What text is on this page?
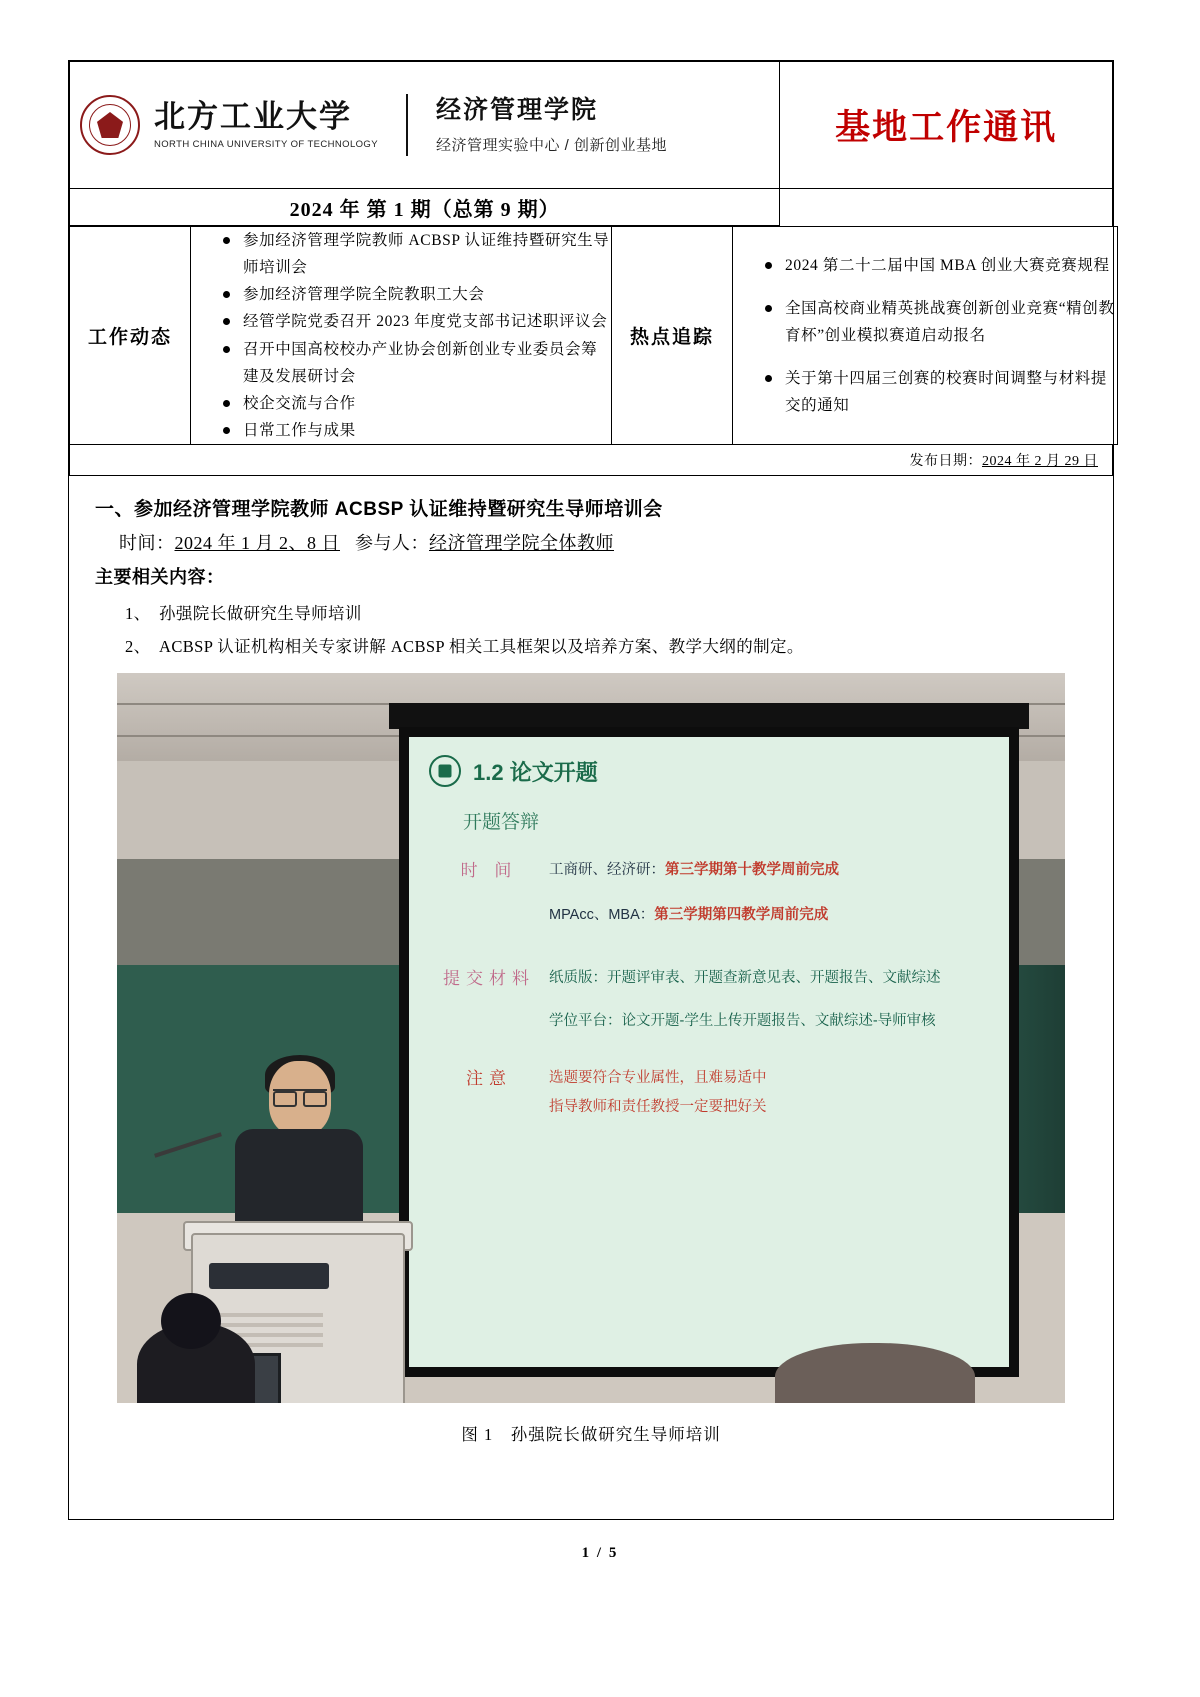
北方工业大学
NORTH CHINA UNIVERSITY OF TECHNOLOGY
经济管理学院
经济管理实验中心 / 创新创业基地	基地工作通讯

2024 年 第 1 期（总第 9 期）	
工作动态	
参加经济管理学院教师 ACBSP 认证维持暨研究生导师培训会
参加经济管理学院全院教职工大会
经管学院党委召开 2023 年度党支部书记述职评议会
召开中国高校校办产业协会创新创业专业委员会筹建及发展研讨会
校企交流与合作
日常工作与成果
	热点追踪	
2024 第二十二届中国 MBA 创业大赛竞赛规程
全国高校商业精英挑战赛创新创业竞赛“精创教育杯”创业模拟赛道启动报名
关于第十四届三创赛的校赛时间调整与材料提交的通知
发布日期：2024 年 2 月 29 日
一、参加经济管理学院教师 ACBSP 认证维持暨研究生导师培训会
时间：2024 年 1 月 2、8 日 参与人：经济管理学院全体教师
主要相关内容：
1、 孙强院长做研究生导师培训
2、 ACBSP 认证机构相关专家讲解 ACBSP 相关工具框架以及培养方案、教学大纲的制定。
1.2 论文开题
开题答辩
时 间	工商研、经济研：第三学期第十教学周前完成
MPAcc、MBA：第三学期第四教学周前完成
提交材料 纸质版：开题评审表、开题查新意见表、开题报告、文献综述
学位平台：论文开题-学生上传开题报告、文献综述-导师审核
注意	选题要符合专业属性，且难易适中
指导教师和责任教授一定要把好关
图 1　孙强院长做研究生导师培训
1 / 5
